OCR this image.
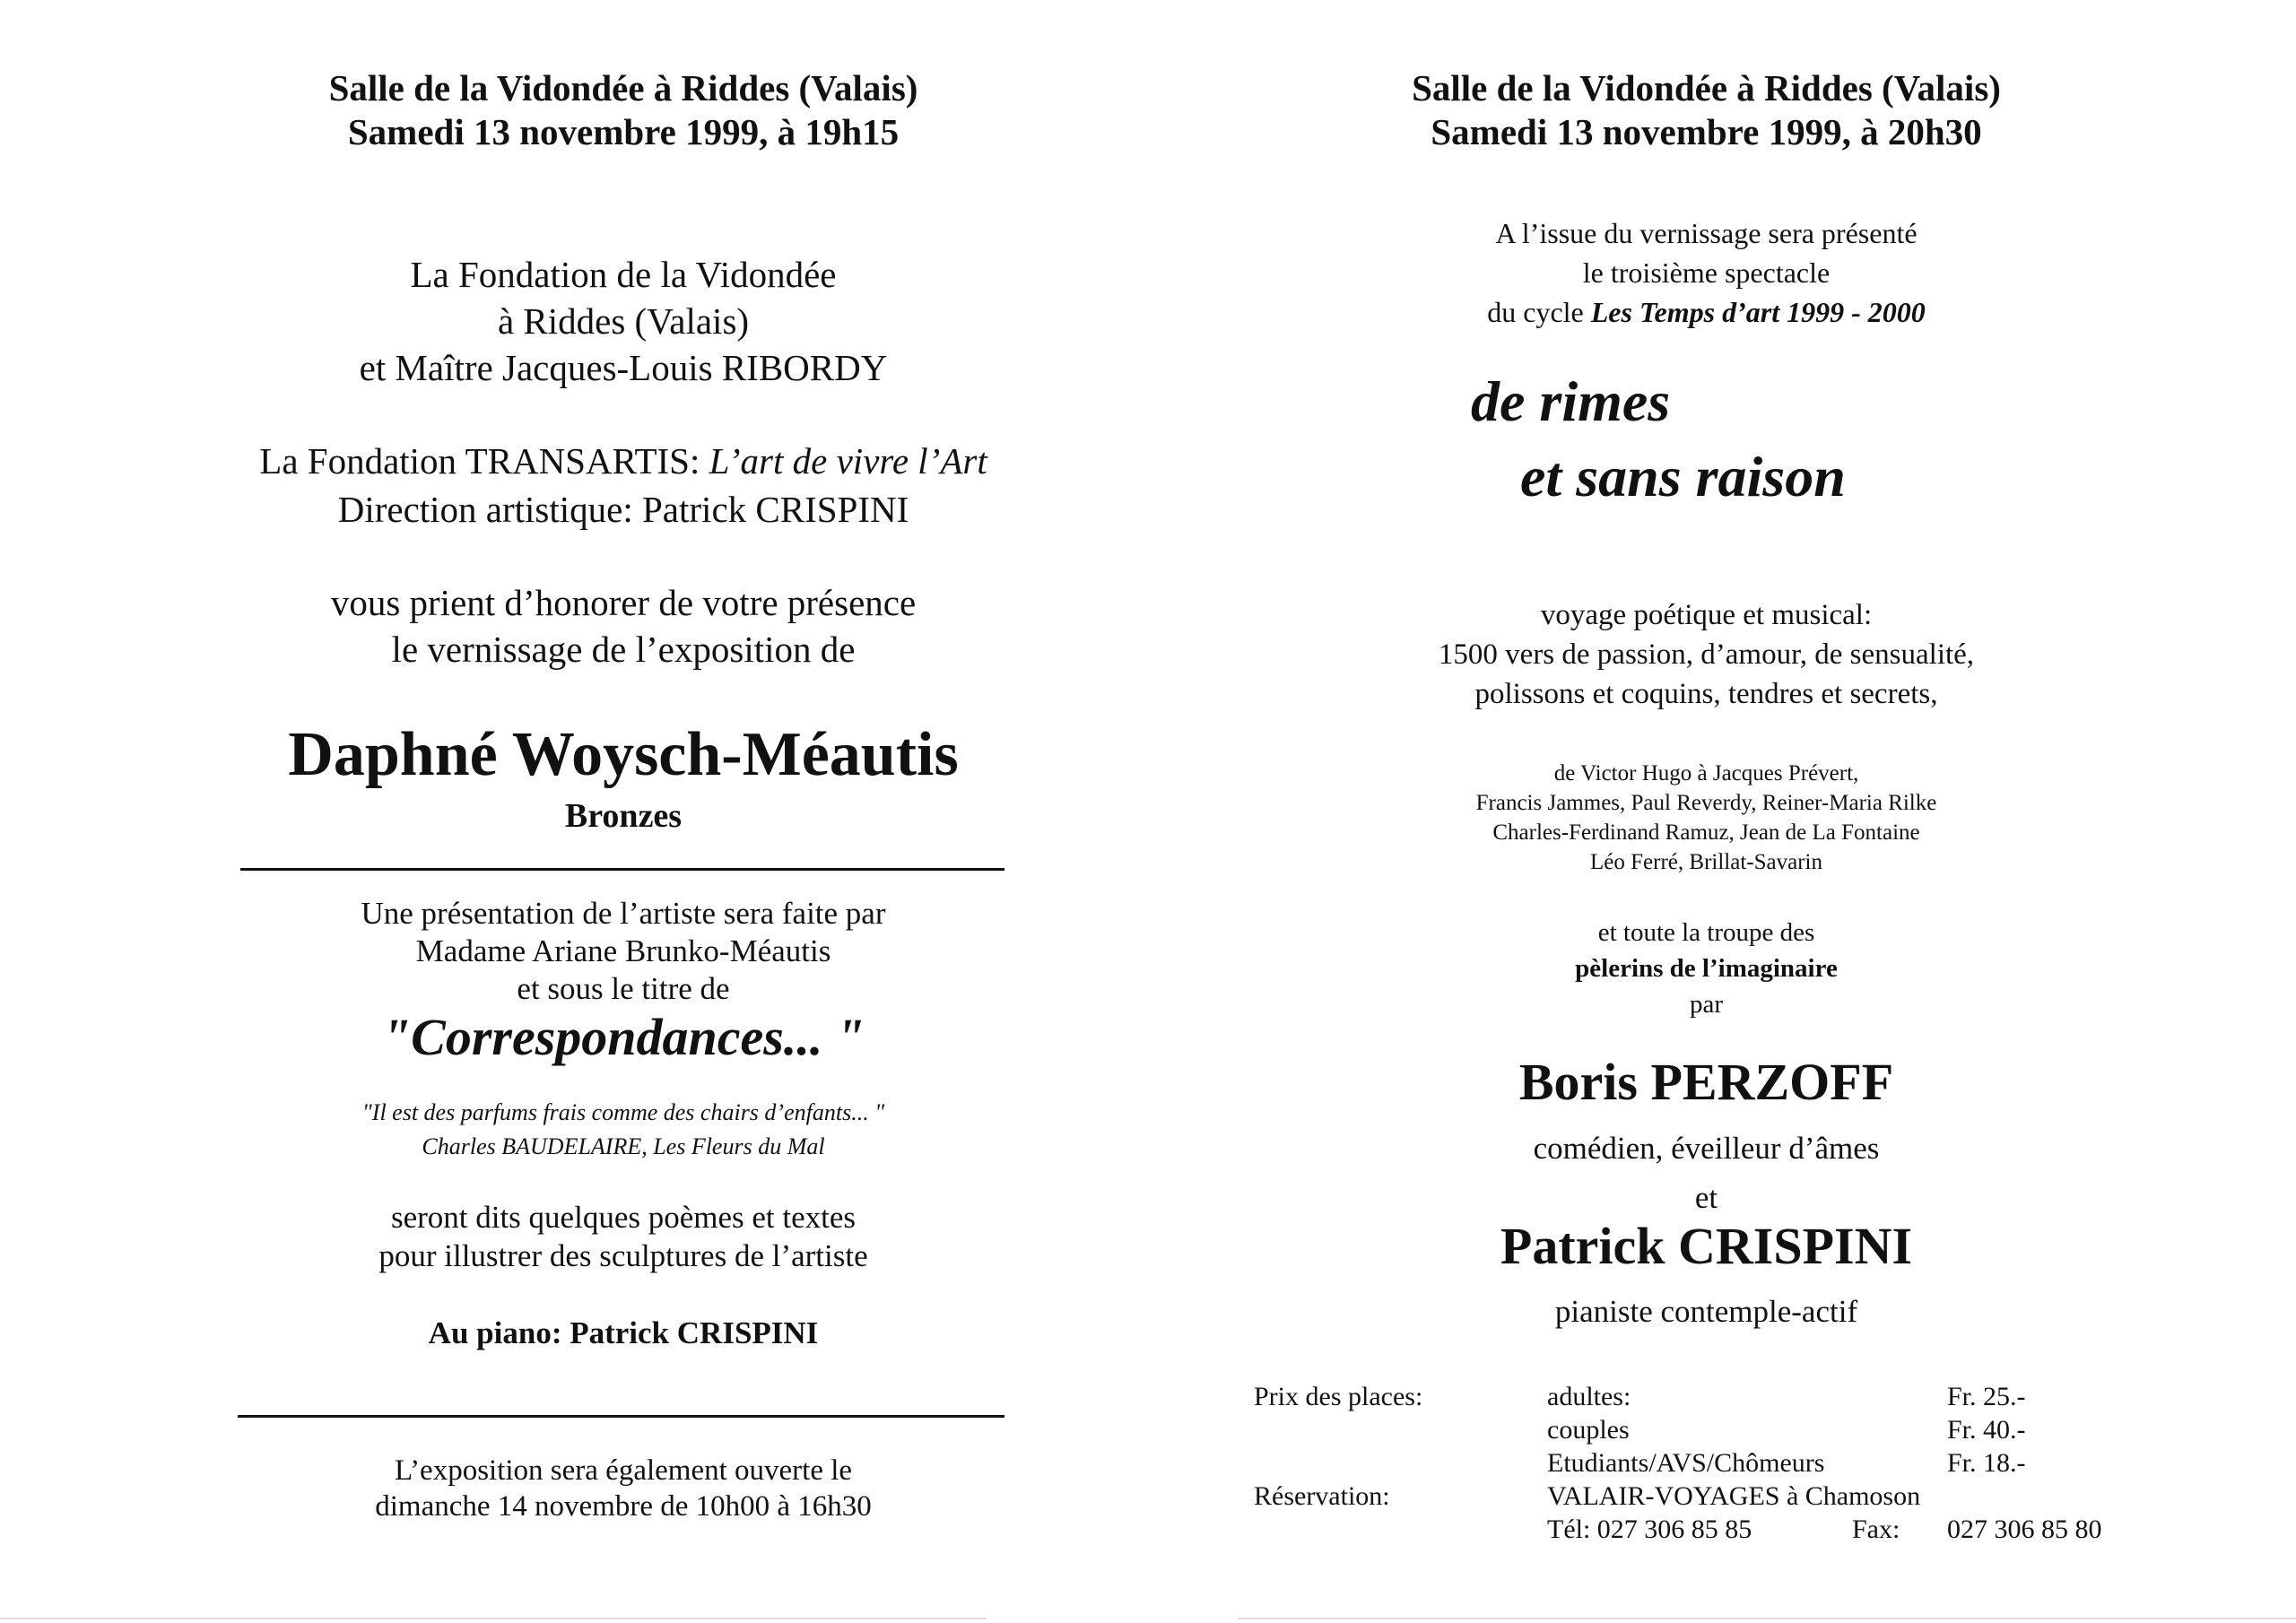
Salle de la Vidondée à Riddes (Valais)
Samedi 13 novembre 1999, à 19h15
La Fondation de la Vidondée
à Riddes (Valais)
et Maître Jacques-Louis RIBORDY
La Fondation TRANSARTIS: L’art de vivre l’Art
Direction artistique: Patrick CRISPINI
vous prient d’honorer de votre présence
le vernissage de l’exposition de
Daphné Woysch-Méautis
Bronzes
Une présentation de l’artiste sera faite par
Madame Ariane Brunko-Méautis
et sous le titre de
"Correspondances... "
"Il est des parfums frais comme des chairs d’enfants... "
Charles BAUDELAIRE, Les Fleurs du Mal
seront dits quelques poèmes et textes
pour illustrer des sculptures de l’artiste
Au piano: Patrick CRISPINI
L’exposition sera également ouverte le
dimanche 14 novembre de 10h00 à 16h30
Salle de la Vidondée à Riddes (Valais)
Samedi 13 novembre 1999, à 20h30
A l’issue du vernissage sera présenté
le troisième spectacle
du cycle Les Temps d’art 1999 - 2000
de rimes
et sans raison
voyage poétique et musical:
1500 vers de passion, d’amour, de sensualité,
polissons et coquins, tendres et secrets,
de Victor Hugo à Jacques Prévert,
Francis Jammes, Paul Reverdy, Reiner-Maria Rilke
Charles-Ferdinand Ramuz, Jean de La Fontaine
Léo Ferré, Brillat-Savarin
et toute la troupe des
pèlerins de l’imaginaire
par
Boris PERZOFF
comédien, éveilleur d’âmes
et
Patrick CRISPINI
pianiste contemple-actif
Prix des places:	adultes:	Fr. 25.-
couples	Fr. 40.-
Etudiants/AVS/Chômeurs	Fr. 18.-
Réservation:	VALAIR-VOYAGES à Chamoson
Tél: 027 306 85 85	Fax: 027 306 85 80
